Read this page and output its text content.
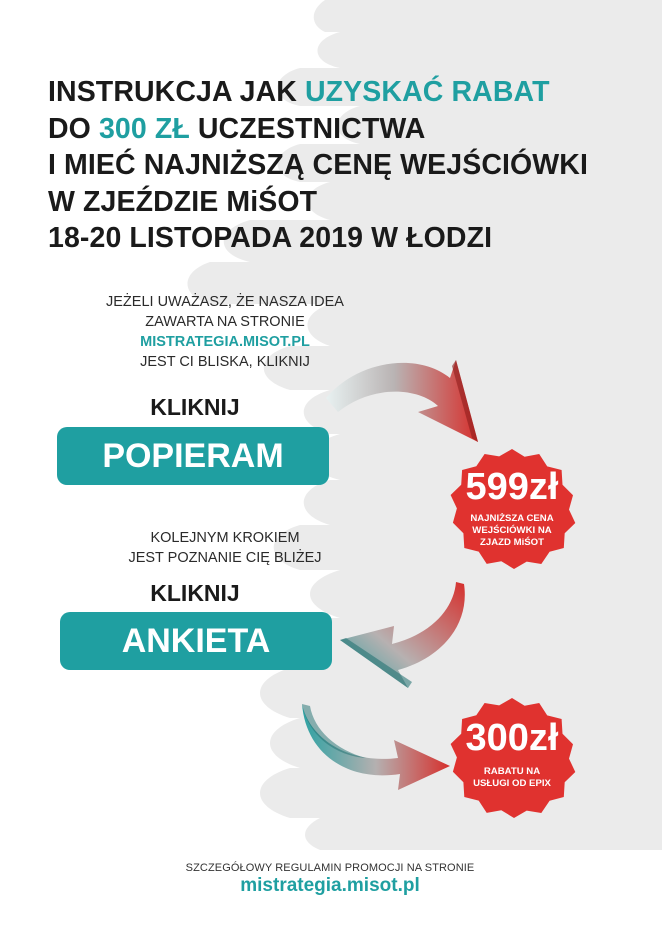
INSTRUKCJA JAK UZYSKAĆ RABAT
DO 300 ZŁ UCZESTNICTWA
I MIEĆ NAJNIŻSZĄ CENĘ WEJŚCIÓWKI
W ZJEŹDZIE MiŚOT
18-20 LISTOPADA 2019 W ŁODZI
JEŻELI UWAŻASZ, ŻE NASZA IDEA
ZAWARTA NA STRONIE
MISTRATEGIA.MISOT.PL
JEST CI BLISKA, KLIKNIJ
KLIKNIJ
POPIERAM
KOLEJNYM KROKIEM
JEST POZNANIE CIĘ BLIŻEJ
KLIKNIJ
ANKIETA
599zł
NAJNIŻSZA CENA
WEJŚCIÓWKI NA
ZJAZD MiŚOT
300zł
RABATU NA
USŁUGI OD EPIX
SZCZEGÓŁOWY REGULAMIN PROMOCJI NA STRONIE
mistrategia.misot.pl
